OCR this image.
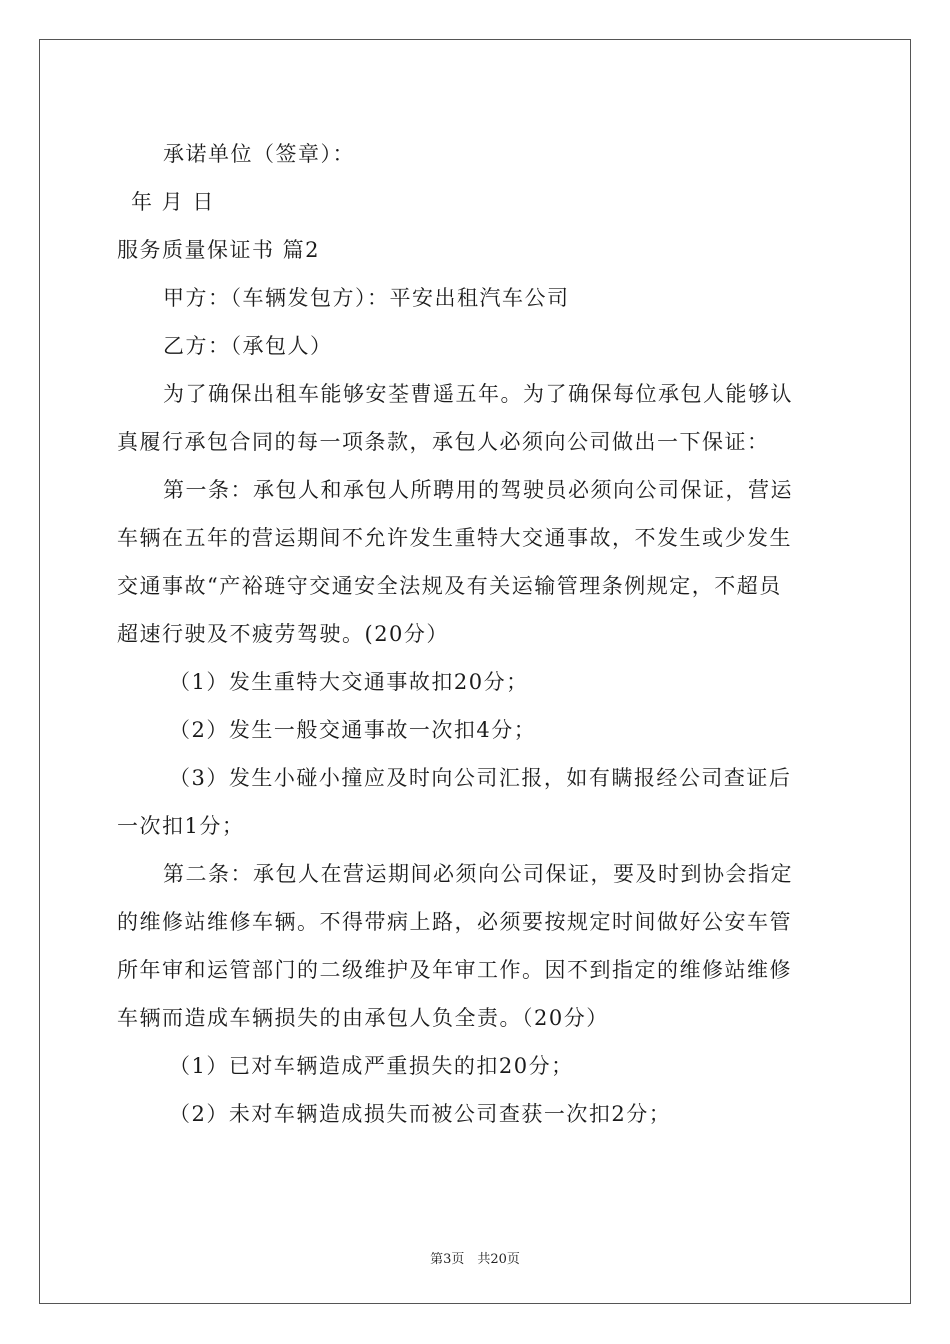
承诺单位（签章）：
年 月 日
服务质量保证书 篇2
甲方：（车辆发包方）：平安出租汽车公司
乙方：（承包人）
为了确保出租车能够安荃曹遥五年。为了确保每位承包人能够认
真履行承包合同的每一项条款，承包人必须向公司做出一下保证：
第一条：承包人和承包人所聘用的驾驶员必须向公司保证，营运
车辆在五年的营运期间不允许发生重特大交通事故，不发生或少发生
交通事故“产裕琏守交通安全法规及有关运输管理条例规定，不超员
超速行驶及不疲劳驾驶。(20分）
（1）发生重特大交通事故扣20分；
（2）发生一般交通事故一次扣4分；
（3）发生小碰小撞应及时向公司汇报，如有瞒报经公司查证后
一次扣1分；
第二条：承包人在营运期间必须向公司保证，要及时到协会指定
的维修站维修车辆。不得带病上路，必须要按规定时间做好公安车管
所年审和运管部门的二级维护及年审工作。因不到指定的维修站维修
车辆而造成车辆损失的由承包人负全责。（20分）
（1）已对车辆造成严重损失的扣20分；
（2）未对车辆造成损失而被公司查获一次扣2分；
第3页　共20页
